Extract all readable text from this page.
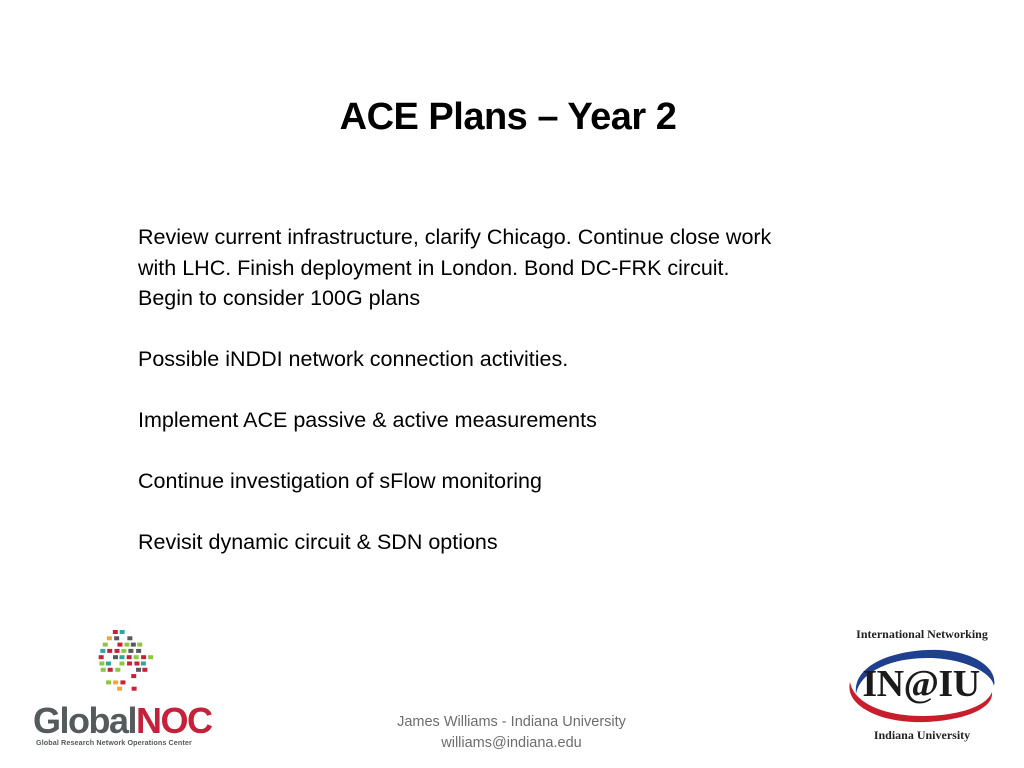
ACE Plans – Year 2

Review current infrastructure, clarify Chicago. Continue close work

with LHC. Finish deployment in London. Bond DC-FRK circuit.

Begin to consider 100G plans

Possible iNDDI network connection activities.

Implement ACE passive & active measurements

Continue investigation of sFlow monitoring

Revisit dynamic circuit & SDN options

GlobalNOC
Global Research Network Operations Center
James Williams - Indiana University
williams@indiana.edu
International Networking
IN@IU
Indiana University
